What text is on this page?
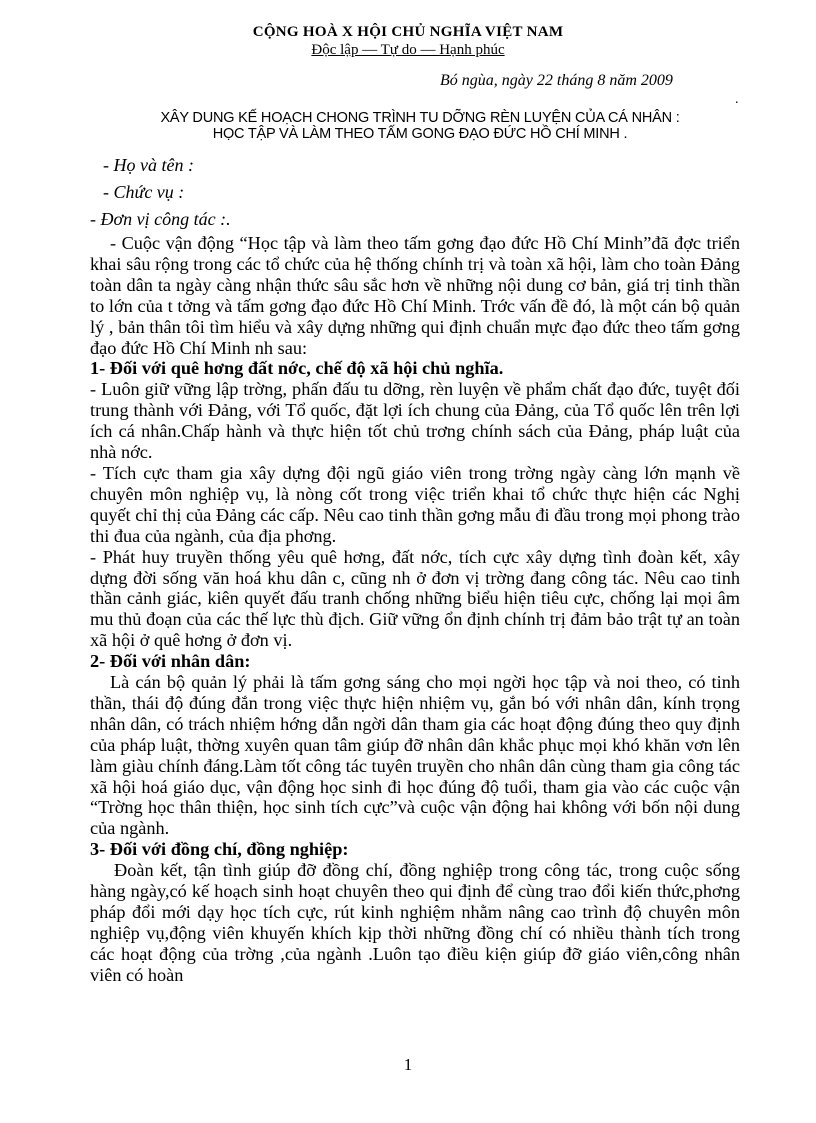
CỘNG HOÀ X HỘI CHỦ NGHĨA VIỆT NAM
Độc lập — Tự do — Hạnh phúc
Bó ngùa, ngày 22 tháng 8 năm 2009
.
XÂY DUNG KẾ HOẠCH CHONG TRÌNH TU DỠNG RÈN LUYỆN CỦA CÁ NHÂN :
HỌC TẬP VÀ LÀM THEO TẤM GONG ĐẠO ĐỨC HỒ CHÍ MINH .
- Họ và tên :
- Chức vụ :
- Đơn vị công tác :.

- Cuộc vận động “Học tập và làm theo tấm gơng đạo đức Hồ Chí Minh”đã đợc triển khai sâu rộng trong các tổ chức của hệ thống chính trị và toàn xã hội, làm cho toàn Đảng toàn dân ta ngày càng nhận thức sâu sắc hơn về những nội dung cơ bản, giá trị tinh thần to lớn của t tởng và tấm gơng đạo đức Hồ Chí Minh. Trớc vấn đề đó, là một cán bộ quản lý , bản thân tôi tìm hiểu và xây dựng những qui định chuẩn mực đạo đức theo tấm gơng đạo đức Hồ Chí Minh nh sau:

1- Đối với quê hơng đất nớc, chế độ xã hội chủ nghĩa.

- Luôn giữ vững lập trờng, phấn đấu tu dỡng, rèn luyện về phẩm chất đạo đức, tuyệt đối trung thành với Đảng, với Tổ quốc, đặt lợi ích chung của Đảng, của Tổ quốc lên trên lợi ích cá nhân.Chấp hành và thực hiện tốt chủ trơng chính sách của Đảng, pháp luật của nhà nớc.

- Tích cực tham gia xây dựng đội ngũ giáo viên trong trờng ngày càng lớn mạnh về chuyên môn nghiệp vụ, là nòng cốt trong việc triển khai tổ chức thực hiện các Nghị quyết chỉ thị của Đảng các cấp. Nêu cao tinh thần gơng mẫu đi đầu trong mọi phong trào thi đua của ngành, của địa phơng.

- Phát huy truyền thống yêu quê hơng, đất nớc, tích cực xây dựng tình đoàn kết, xây dựng đời sống văn hoá khu dân c, cũng nh ở đơn vị trờng đang công tác. Nêu cao tinh thần cảnh giác, kiên quyết đấu tranh chống những biểu hiện tiêu cực, chống lại mọi âm mu thủ đoạn của các thế lực thù địch. Giữ vững ổn định chính trị đảm bảo trật tự an toàn xã hội ở quê hơng ở đơn vị.

2- Đối với nhân dân:

Là cán bộ quản lý phải là tấm gơng sáng cho mọi ngời học tập và noi theo, có tinh thần, thái độ đúng đắn trong việc thực hiện nhiệm vụ, gắn bó với nhân dân, kính trọng nhân dân, có trách nhiệm hớng dẫn ngời dân tham gia các hoạt động đúng theo quy định của pháp luật, thờng xuyên quan tâm giúp đỡ nhân dân khắc phục mọi khó khăn vơn lên làm giàu chính đáng.Làm tốt công tác tuyên truyền cho nhân dân cùng tham gia công tác xã hội hoá giáo dục, vận động học sinh đi học đúng độ tuổi, tham gia vào các cuộc vận “Trờng học thân thiện, học sinh tích cực”và cuộc vận động hai không với bốn nội dung của ngành.

3- Đối với đồng chí, đồng nghiệp:

Đoàn kết, tận tình giúp đỡ đồng chí, đồng nghiệp trong công tác, trong cuộc sống hàng ngày,có kế hoạch sinh hoạt chuyên theo qui định để cùng trao đổi kiến thức,phơng pháp đổi mới dạy học tích cực, rút kinh nghiệm nhằm nâng cao trình độ chuyên môn nghiệp vụ,động viên khuyến khích kịp thời những đồng chí có nhiều thành tích trong các hoạt động của trờng ,của ngành .Luôn tạo điều kiện giúp đỡ giáo viên,công nhân viên có hoàn

1
